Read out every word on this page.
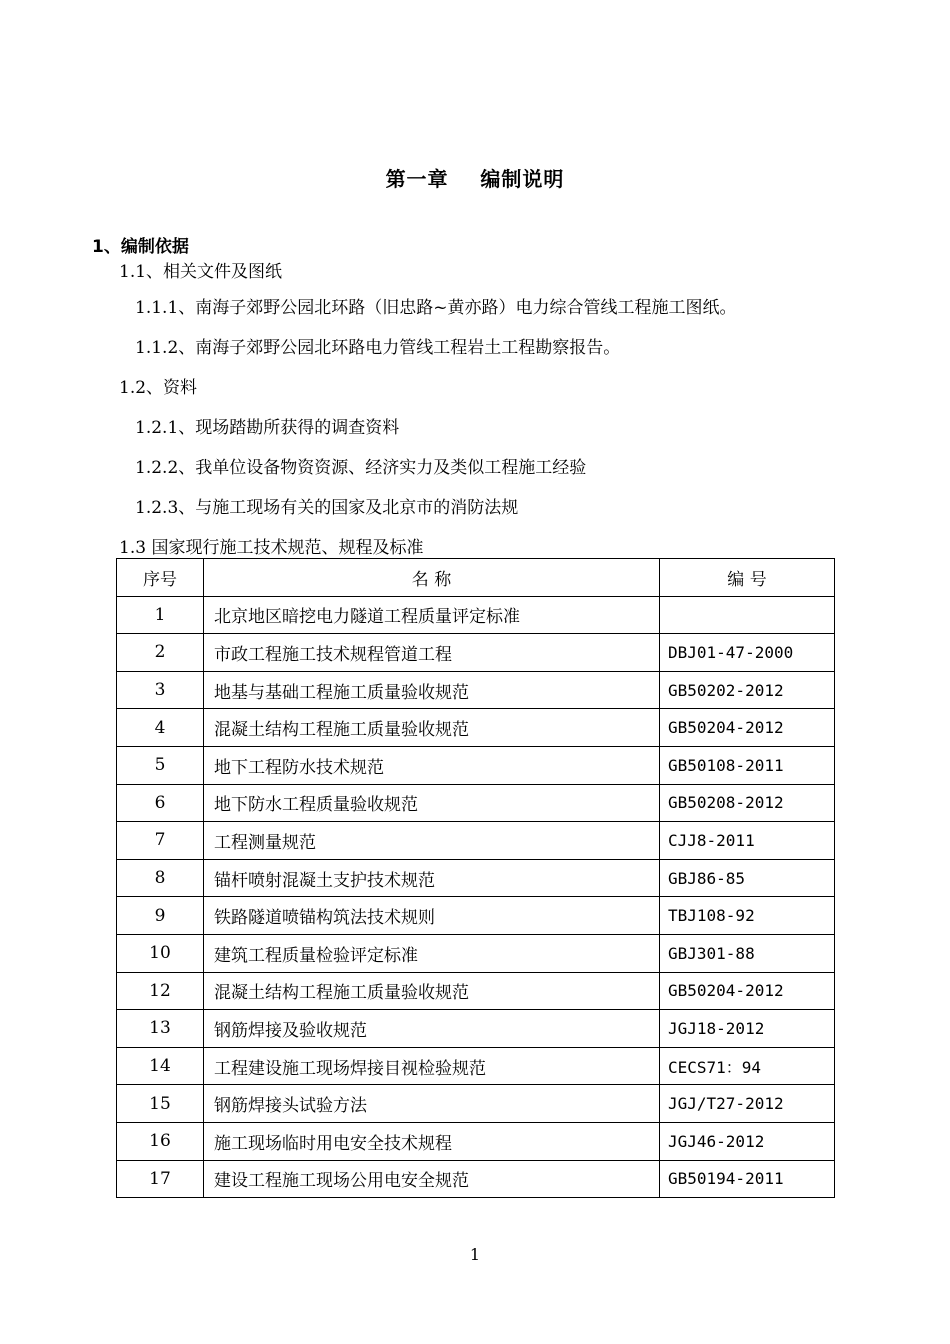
第一章    编制说明
1、编制依据
1.1、相关文件及图纸
1.1.1、南海子郊野公园北环路（旧忠路~黄亦路）电力综合管线工程施工图纸。
1.1.2、南海子郊野公园北环路电力管线工程岩土工程勘察报告。
1.2、资料
1.2.1、现场踏勘所获得的调查资料
1.2.2、我单位设备物资资源、经济实力及类似工程施工经验
1.2.3、与施工现场有关的国家及北京市的消防法规
1.3 国家现行施工技术规范、规程及标准
序号	名 称	编 号
1	北京地区暗挖电力隧道工程质量评定标准	
2	市政工程施工技术规程管道工程	DBJ01-47-2000
3	地基与基础工程施工质量验收规范	GB50202-2012
4	混凝土结构工程施工质量验收规范	GB50204-2012
5	地下工程防水技术规范	GB50108-2011
6	地下防水工程质量验收规范	GB50208-2012
7	工程测量规范	CJJ8-2011
8	锚杆喷射混凝土支护技术规范	GBJ86-85
9	铁路隧道喷锚构筑法技术规则	TBJ108-92
10	建筑工程质量检验评定标准	GBJ301-88
12	混凝土结构工程施工质量验收规范	GB50204-2012
13	钢筋焊接及验收规范	JGJ18-2012
14	工程建设施工现场焊接目视检验规范	CECS71：94
15	钢筋焊接头试验方法	JGJ/T27-2012
16	施工现场临时用电安全技术规程	JGJ46-2012
17	建设工程施工现场公用电安全规范	GB50194-2011
1
